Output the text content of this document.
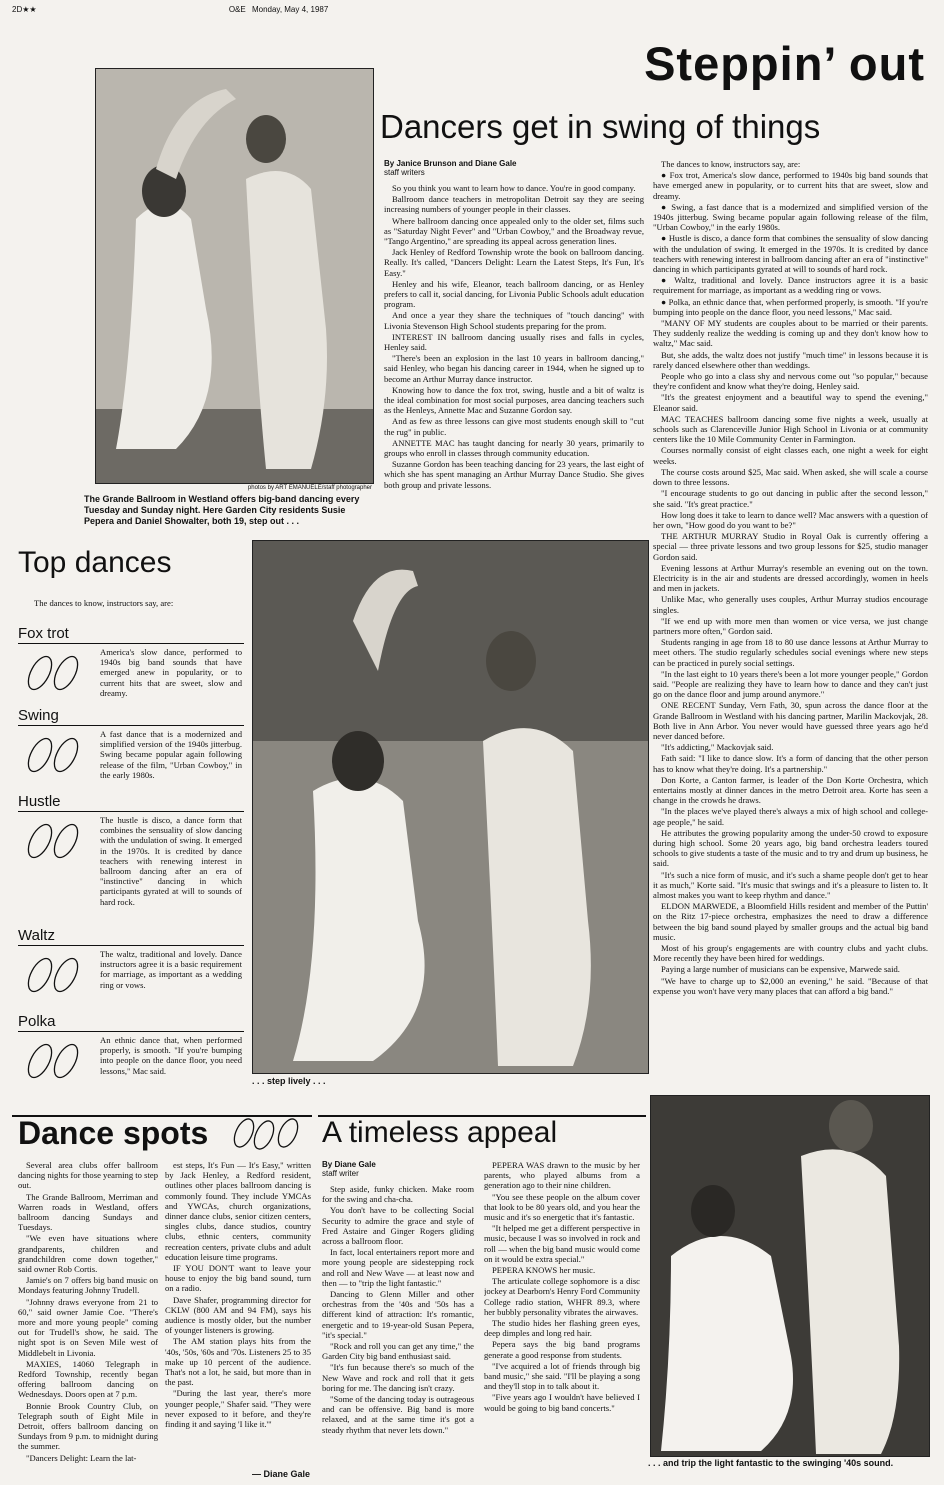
2D★★	O&E Monday, May 4, 1987
photos by ART EMANUELE/staff photographer
The Grande Ballroom in Westland offers big-band dancing every Tuesday and Sunday night. Here Garden City residents Susie Pepera and Daniel Showalter, both 19, step out . . .
Steppin’ out
Dancers get in swing of things
By Janice Brunson and Diane Gale
staff writers

So you think you want to learn how to dance. You're in good company.

Ballroom dance teachers in metropolitan Detroit say they are seeing increasing numbers of younger people in their classes.

Where ballroom dancing once appealed only to the older set, films such as "Saturday Night Fever" and "Urban Cowboy," and the Broadway revue, "Tango Argentino," are spreading its appeal across generation lines.

Jack Henley of Redford Township wrote the book on ballroom dancing. Really. It's called, "Dancers Delight: Learn the Latest Steps, It's Fun, It's Easy."

Henley and his wife, Eleanor, teach ballroom dancing, or as Henley prefers to call it, social dancing, for Livonia Public Schools adult education program.

And once a year they share the techniques of "touch dancing" with Livonia Stevenson High School students preparing for the prom.

INTEREST IN ballroom dancing usually rises and falls in cycles, Henley said.

"There's been an explosion in the last 10 years in ballroom dancing," said Henley, who began his dancing career in 1944, when he signed up to become an Arthur Murray dance instructor.

Knowing how to dance the fox trot, swing, hustle and a bit of waltz is the ideal combination for most social purposes, area dancing teachers such as the Henleys, Annette Mac and Suzanne Gordon say.

And as few as three lessons can give most students enough skill to "cut the rug" in public.

ANNETTE MAC has taught dancing for nearly 30 years, primarily to groups who enroll in classes through community education.

Suzanne Gordon has been teaching dancing for 23 years, the last eight of which she has spent managing an Arthur Murray Dance Studio. She gives both group and private lessons.

The dances to know, instructors say, are:

● Fox trot, America's slow dance, performed to 1940s big band sounds that have emerged anew in popularity, or to current hits that are sweet, slow and dreamy.

● Swing, a fast dance that is a modernized and simplified version of the 1940s jitterbug. Swing became popular again following release of the film, "Urban Cowboy," in the early 1980s.

● Hustle is disco, a dance form that combines the sensuality of slow dancing with the undulation of swing. It emerged in the 1970s. It is credited by dance teachers with renewing interest in ballroom dancing after an era of "instinctive" dancing in which participants gyrated at will to sounds of hard rock.

● Waltz, traditional and lovely. Dance instructors agree it is a basic requirement for marriage, as important as a wedding ring or vows.

● Polka, an ethnic dance that, when performed properly, is smooth. "If you're bumping into people on the dance floor, you need lessons," Mac said.

"MANY OF MY students are couples about to be married or their parents. They suddenly realize the wedding is coming up and they don't know how to waltz," Mac said.

But, she adds, the waltz does not justify "much time" in lessons because it is rarely danced elsewhere other than weddings.

People who go into a class shy and nervous come out "so popular," because they're confident and know what they're doing, Henley said.

"It's the greatest enjoyment and a beautiful way to spend the evening," Eleanor said.

MAC TEACHES ballroom dancing some five nights a week, usually at schools such as Clarenceville Junior High School in Livonia or at community centers like the 10 Mile Community Center in Farmington.

Courses normally consist of eight classes each, one night a week for eight weeks.

The course costs around $25, Mac said. When asked, she will scale a course down to three lessons.

"I encourage students to go out dancing in public after the second lesson," she said. "It's great practice."

How long does it take to learn to dance well? Mac answers with a question of her own, "How good do you want to be?"

THE ARTHUR MURRAY Studio in Royal Oak is currently offering a special — three private lessons and two group lessons for $25, studio manager Gordon said.

Evening lessons at Arthur Murray's resemble an evening out on the town. Electricity is in the air and students are dressed accordingly, women in heels and men in jackets.

Unlike Mac, who generally uses couples, Arthur Murray studios encourage singles.

"If we end up with more men than women or vice versa, we just change partners more often," Gordon said.

Students ranging in age from 18 to 80 use dance lessons at Arthur Murray to meet others. The studio regularly schedules social evenings where new steps can be practiced in purely social settings.

"In the last eight to 10 years there's been a lot more younger people," Gordon said. "People are realizing they have to learn how to dance and they can't just go on the dance floor and jump around anymore."

ONE RECENT Sunday, Vern Fath, 30, spun across the dance floor at the Grande Ballroom in Westland with his dancing partner, Marilin Mackovjak, 28. Both live in Ann Arbor. You never would have guessed three years ago he'd never danced before.

"It's addicting," Mackovjak said.

Fath said: "I like to dance slow. It's a form of dancing that the other person has to know what they're doing. It's a partnership."

Don Korte, a Canton farmer, is leader of the Don Korte Orchestra, which entertains mostly at dinner dances in the metro Detroit area. Korte has seen a change in the crowds he draws.

"In the places we've played there's always a mix of high school and college-age people," he said.

He attributes the growing popularity among the under-50 crowd to exposure during high school. Some 20 years ago, big band orchestra leaders toured schools to give students a taste of the music and to try and drum up business, he said.

"It's such a nice form of music, and it's such a shame people don't get to hear it as much," Korte said. "It's music that swings and it's a pleasure to listen to. It almost makes you want to keep rhythm and dance."

ELDON MARWEDE, a Bloomfield Hills resident and member of the Puttin' on the Ritz 17-piece orchestra, emphasizes the need to draw a difference between the big band sound played by smaller groups and the actual big band music.

Most of his group's engagements are with country clubs and yacht clubs. More recently they have been hired for weddings.

Paying a large number of musicians can be expensive, Marwede said.

"We have to charge up to $2,000 an evening," he said. "Because of that expense you won't have very many places that can afford a big band."

Top dances
The dances to know, instructors say, are:
Fox trot
America's slow dance, performed to 1940s big band sounds that have emerged anew in popularity, or to current hits that are sweet, slow and dreamy.
Swing
A fast dance that is a modernized and simplified version of the 1940s jitterbug. Swing became popular again following release of the film, "Urban Cowboy," in the early 1980s.
Hustle
The hustle is disco, a dance form that combines the sensuality of slow dancing with the undulation of swing. It emerged in the 1970s. It is credited by dance teachers with renewing interest in ballroom dancing after an era of "instinctive" dancing in which participants gyrated at will to sounds of hard rock.
Waltz
The waltz, traditional and lovely. Dance instructors agree it is a basic requirement for marriage, as important as a wedding ring or vows.
Polka
An ethnic dance that, when performed properly, is smooth. "If you're bumping into people on the dance floor, you need lessons," Mac said.
. . . step lively . . .
. . . and trip the light fantastic to the swinging '40s sound.
Dance spots

Several area clubs offer ballroom dancing nights for those yearning to step out.

The Grande Ballroom, Merriman and Warren roads in Westland, offers ballroom dancing Sundays and Tuesdays.

"We even have situations where grandparents, children and grandchildren come down together," said owner Rob Cortis.

Jamie's on 7 offers big band music on Mondays featuring Johnny Trudell.

"Johnny draws everyone from 21 to 60," said owner Jamie Coe. "There's more and more young people" coming out for Trudell's show, he said. The night spot is on Seven Mile west of Middlebelt in Livonia.

MAXIES, 14060 Telegraph in Redford Township, recently began offering ballroom dancing on Wednesdays. Doors open at 7 p.m.

Bonnie Brook Country Club, on Telegraph south of Eight Mile in Detroit, offers ballroom dancing on Sundays from 9 p.m. to midnight during the summer.

"Dancers Delight: Learn the lat-

est steps, It's Fun — It's Easy," written by Jack Henley, a Redford resident, outlines other places ballroom dancing is commonly found. They include YMCAs and YWCAs, church organizations, dinner dance clubs, senior citizen centers, singles clubs, dance studios, country clubs, ethnic centers, community recreation centers, private clubs and adult education leisure time programs.

IF YOU DON'T want to leave your house to enjoy the big band sound, turn on a radio.

Dave Shafer, programming director for CKLW (800 AM and 94 FM), says his audience is mostly older, but the number of younger listeners is growing.

The AM station plays hits from the '40s, '50s, '60s and '70s. Listeners 25 to 35 make up 10 percent of the audience. That's not a lot, he said, but more than in the past.

"During the last year, there's more younger people," Shafer said. "They were never exposed to it before, and they're finding it and saying 'I like it.'"

— Diane Gale
A timeless appeal
By Diane Gale
staff writer

Step aside, funky chicken. Make room for the swing and cha-cha.

You don't have to be collecting Social Security to admire the grace and style of Fred Astaire and Ginger Rogers gliding across a ballroom floor.

In fact, local entertainers report more and more young people are sidestepping rock and roll and New Wave — at least now and then — to "trip the light fantastic."

Dancing to Glenn Miller and other orchestras from the '40s and '50s has a different kind of attraction: It's romantic, energetic and to 19-year-old Susan Pepera, "it's special."

"Rock and roll you can get any time," the Garden City big band enthusiast said.

"It's fun because there's so much of the New Wave and rock and roll that it gets boring for me. The dancing isn't crazy.

"Some of the dancing today is outrageous and can be offensive. Big band is more relaxed, and at the same time it's got a steady rhythm that never lets down."

PEPERA WAS drawn to the music by her parents, who played albums from a generation ago to their nine children.

"You see these people on the album cover that look to be 80 years old, and you hear the music and it's so energetic that it's fantastic.

"It helped me get a different perspective in music, because I was so involved in rock and roll — when the big band music would come on it would be extra special."

PEPERA KNOWS her music.

The articulate college sophomore is a disc jockey at Dearborn's Henry Ford Community College radio station, WHFR 89.3, where her bubbly personality vibrates the airwaves.

The studio hides her flashing green eyes, deep dimples and long red hair.

Pepera says the big band programs generate a good response from students.

"I've acquired a lot of friends through big band music," she said. "I'll be playing a song and they'll stop in to talk about it.

"Five years ago I wouldn't have believed I would be going to big band concerts."
